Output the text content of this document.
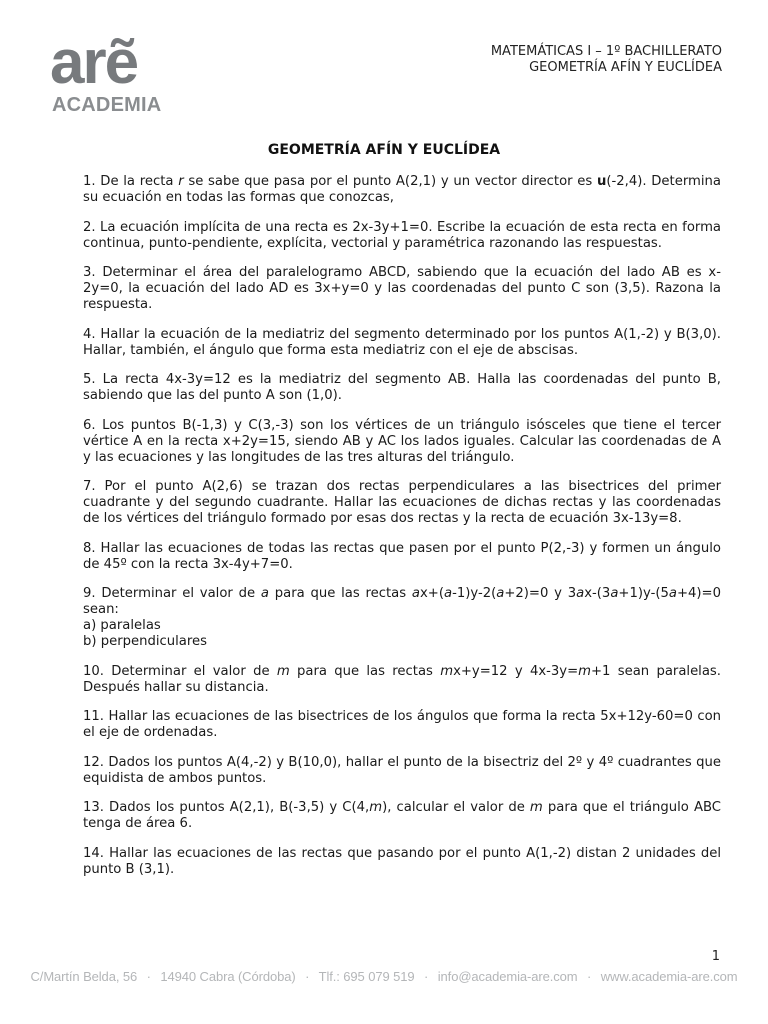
arẽ
ACADEMIA
MATEMÁTICAS I – 1º BACHILLERATO
GEOMETRÍA AFÍN Y EUCLÍDEA
GEOMETRÍA AFÍN Y EUCLÍDEA

1. De la recta r se sabe que pasa por el punto A(2,1) y un vector director es u(-2,4). Determina su ecuación en todas las formas que conozcas,

2. La ecuación implícita de una recta es 2x-3y+1=0. Escribe la ecuación de esta recta en forma continua, punto-pendiente, explícita, vectorial y paramétrica razonando las respuestas.

3. Determinar el área del paralelogramo ABCD, sabiendo que la ecuación del lado AB es x-2y=0, la ecuación del lado AD es 3x+y=0 y las coordenadas del punto C son (3,5). Razona la respuesta.

4. Hallar la ecuación de la mediatriz del segmento determinado por los puntos A(1,-2) y B(3,0). Hallar, también, el ángulo que forma esta mediatriz con el eje de abscisas.

5. La recta 4x-3y=12 es la mediatriz del segmento AB. Halla las coordenadas del punto B, sabiendo que las del punto A son (1,0).

6. Los puntos B(-1,3) y C(3,-3) son los vértices de un triángulo isósceles que tiene el tercer vértice A en la recta x+2y=15, siendo AB y AC los lados iguales. Calcular las coordenadas de A y las ecuaciones y las longitudes de las tres alturas del triángulo.

7. Por el punto A(2,6) se trazan dos rectas perpendiculares a las bisectrices del primer cuadrante y del segundo cuadrante. Hallar las ecuaciones de dichas rectas y las coordenadas de los vértices del triángulo formado por esas dos rectas y la recta de ecuación 3x-13y=8.

8. Hallar las ecuaciones de todas las rectas que pasen por el punto P(2,-3) y formen un ángulo de 45º con la recta 3x-4y+7=0.

9. Determinar el valor de a para que las rectas ax+(a-1)y-2(a+2)=0 y 3ax-(3a+1)y-(5a+4)=0 sean:
a) paralelas
b) perpendiculares

10. Determinar el valor de m para que las rectas mx+y=12 y 4x-3y=m+1 sean paralelas. Después hallar su distancia.

11. Hallar las ecuaciones de las bisectrices de los ángulos que forma la recta 5x+12y-60=0 con el eje de ordenadas.

12. Dados los puntos A(4,-2) y B(10,0), hallar el punto de la bisectriz del 2º y 4º cuadrantes que equidista de ambos puntos.

13. Dados los puntos A(2,1), B(-3,5) y C(4,m), calcular el valor de m para que el triángulo ABC tenga de área 6.

14. Hallar las ecuaciones de las rectas que pasando por el punto A(1,-2) distan 2 unidades del punto B (3,1).

1
C/Martín Belda, 56 · 14940 Cabra (Córdoba) · Tlf.: 695 079 519 · info@academia-are.com · www.academia-are.com
